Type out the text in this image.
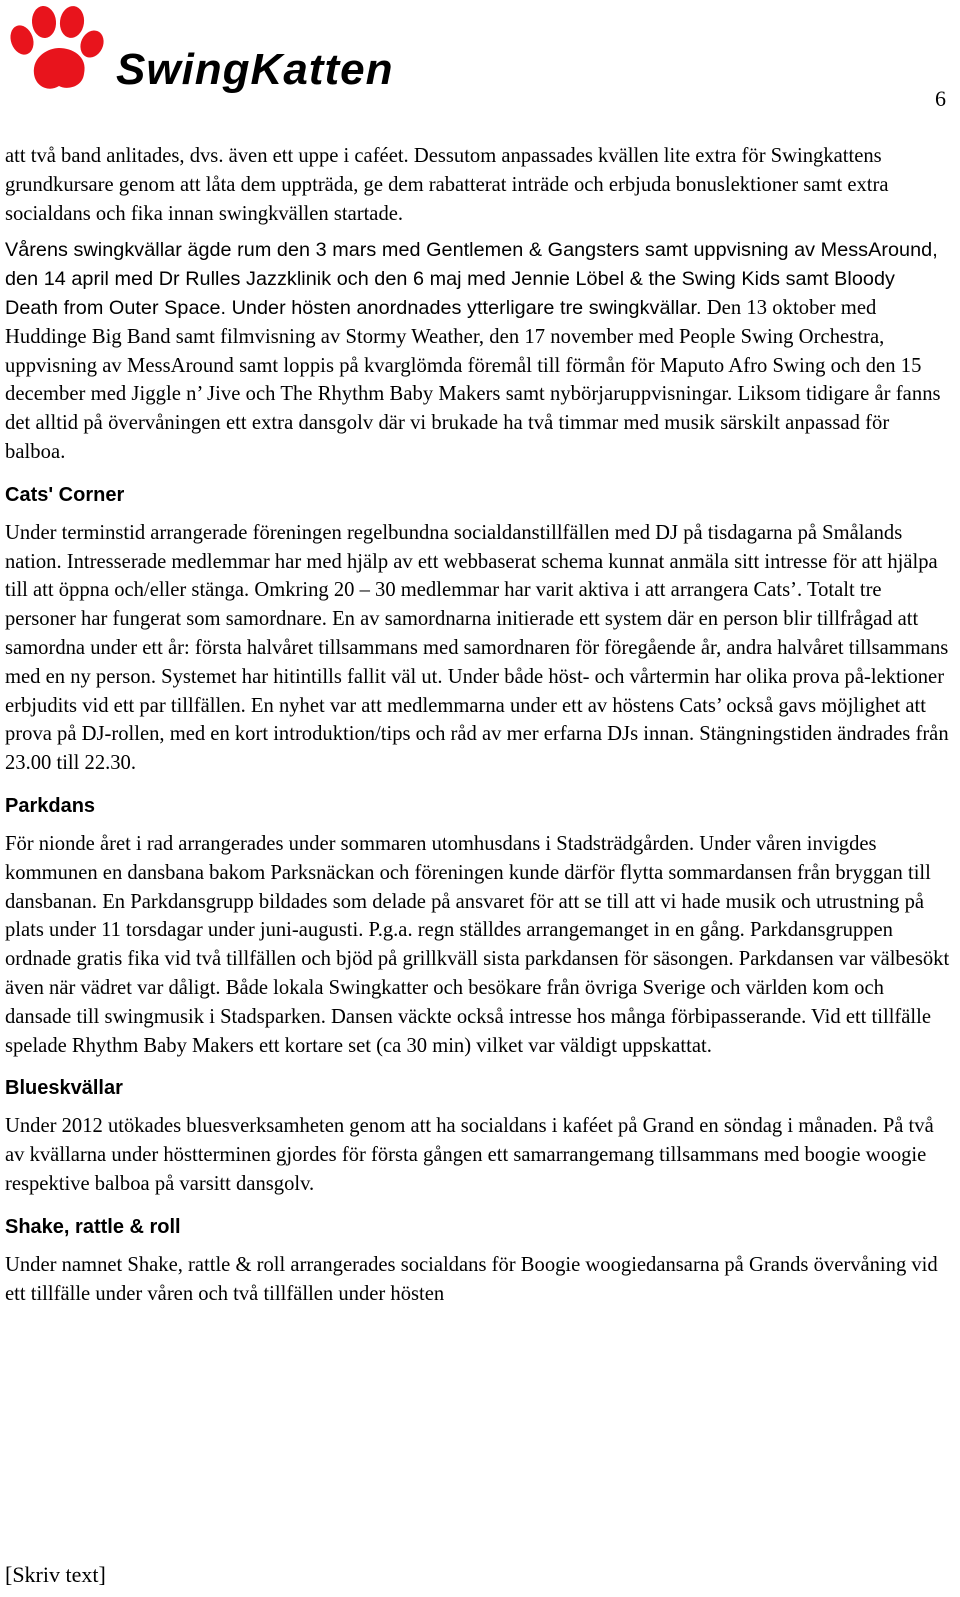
SwingKatten
6

att två band anlitades, dvs. även ett uppe i caféet. Dessutom anpassades kvällen lite extra för Swingkattens grundkursare genom att låta dem uppträda, ge dem rabatterat inträde och erbjuda bonuslektioner samt extra socialdans och fika innan swingkvällen startade.

Vårens swingkvällar ägde rum den 3 mars med Gentlemen & Gangsters samt uppvisning av MessAround, den 14 april med Dr Rulles Jazzklinik och den 6 maj med Jennie Löbel & the Swing Kids samt Bloody Death from Outer Space. Under hösten anordnades ytterligare tre swingkvällar. Den 13 oktober med Huddinge Big Band samt filmvisning av Stormy Weather, den 17 november med People Swing Orchestra, uppvisning av MessAround samt loppis på kvarglömda föremål till förmån för Maputo Afro Swing och den 15 december med Jiggle n’ Jive och The Rhythm Baby Makers samt nybörjaruppvisningar. Liksom tidigare år fanns det alltid på övervåningen ett extra dansgolv där vi brukade ha två timmar med musik särskilt anpassad för balboa.

Cats' Corner

Under terminstid arrangerade föreningen regelbundna socialdanstillfällen med DJ på tisdagarna på Smålands nation. Intresserade medlemmar har med hjälp av ett webbaserat schema kunnat anmäla sitt intresse för att hjälpa till att öppna och/eller stänga. Omkring 20 – 30 medlemmar har varit aktiva i att arrangera Cats’. Totalt tre personer har fungerat som samordnare. En av samordnarna initierade ett system där en person blir tillfrågad att samordna under ett år: första halvåret tillsammans med samordnaren för föregående år, andra halvåret tillsammans med en ny person. Systemet har hitintills fallit väl ut. Under både höst- och vårtermin har olika prova på-lektioner erbjudits vid ett par tillfällen. En nyhet var att medlemmarna under ett av höstens Cats’ också gavs möjlighet att prova på DJ-rollen, med en kort introduktion/tips och råd av mer erfarna DJs innan. Stängningstiden ändrades från 23.00 till 22.30.

Parkdans

För nionde året i rad arrangerades under sommaren utomhusdans i Stadsträdgården. Under våren invigdes kommunen en dansbana bakom Parksnäckan och föreningen kunde därför flytta sommardansen från bryggan till dansbanan. En Parkdansgrupp bildades som delade på ansvaret för att se till att vi hade musik och utrustning på plats under 11 torsdagar under juni-augusti. P.g.a. regn ställdes arrangemanget in en gång. Parkdansgruppen ordnade gratis fika vid två tillfällen och bjöd på grillkväll sista parkdansen för säsongen. Parkdansen var välbesökt även när vädret var dåligt. Både lokala Swingkatter och besökare från övriga Sverige och världen kom och dansade till swingmusik i Stadsparken. Dansen väckte också intresse hos många förbipasserande. Vid ett tillfälle spelade Rhythm Baby Makers ett kortare set (ca 30 min) vilket var väldigt uppskattat.

Blueskvällar

Under 2012 utökades bluesverksamheten genom att ha socialdans i kaféet på Grand en söndag i månaden. På två av kvällarna under höstterminen gjordes för första gången ett samarrangemang tillsammans med boogie woogie respektive balboa på varsitt dansgolv.

Shake, rattle & roll

Under namnet Shake, rattle & roll arrangerades socialdans för Boogie woogiedansarna på Grands övervåning vid ett tillfälle under våren och två tillfällen under hösten

[Skriv text]
